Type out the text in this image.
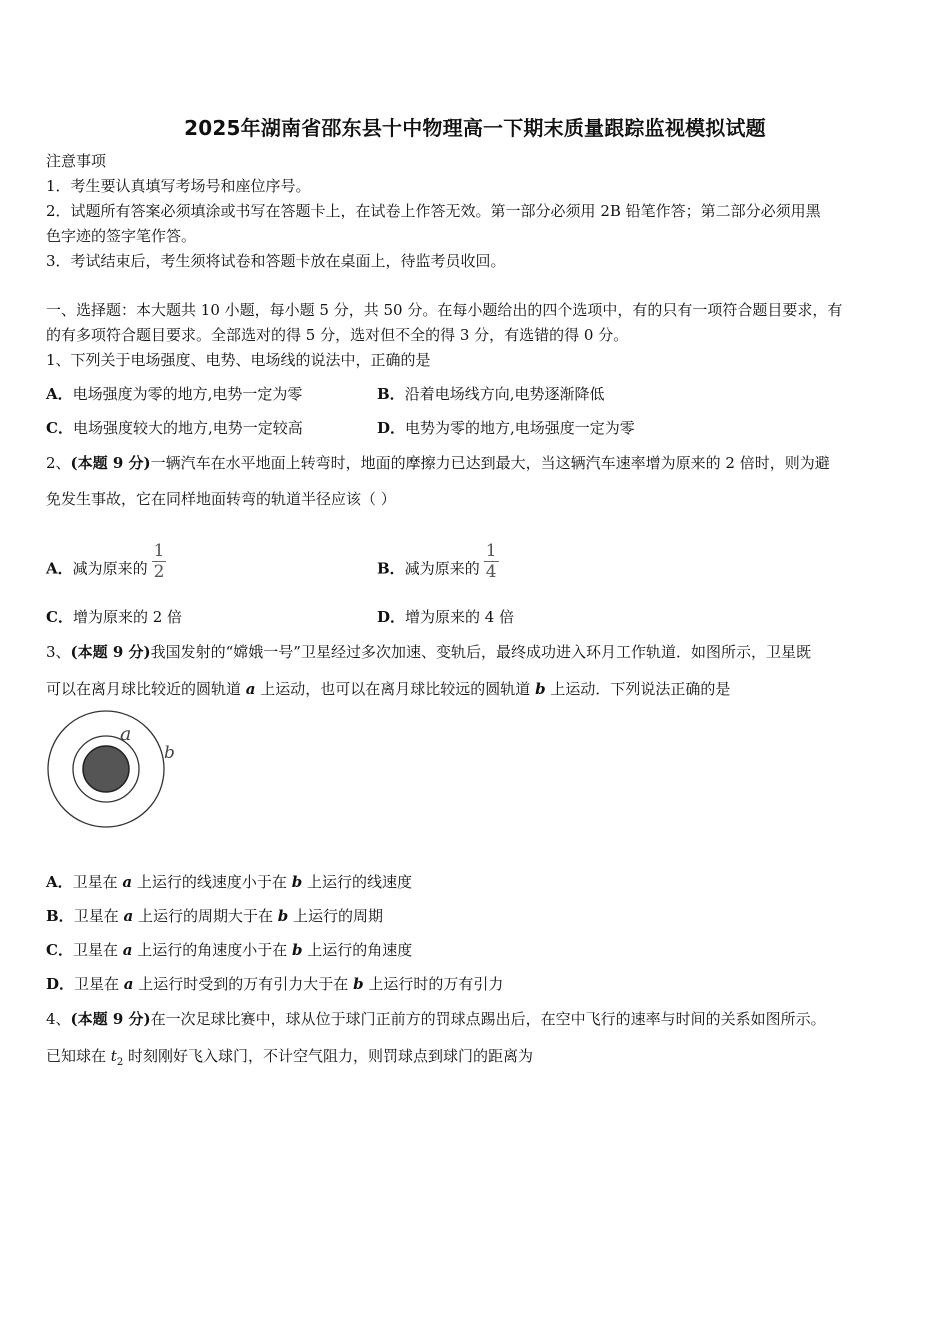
2025年湖南省邵东县十中物理高一下期末质量跟踪监视模拟试题
注意事项
1．考生要认真填写考场号和座位序号。
2．试题所有答案必须填涂或书写在答题卡上，在试卷上作答无效。第一部分必须用 2B 铅笔作答；第二部分必须用黑
色字迹的签字笔作答。
3．考试结束后，考生须将试卷和答题卡放在桌面上，待监考员收回。
一、选择题：本大题共 10 小题，每小题 5 分，共 50 分。在每小题给出的四个选项中，有的只有一项符合题目要求，有
的有多项符合题目要求。全部选对的得 5 分，选对但不全的得 3 分，有选错的得 0 分。
1、下列关于电场强度、电势、电场线的说法中，正确的是
A．电场强度为零的地方,电势一定为零	B．沿着电场线方向,电势逐渐降低
C．电场强度较大的地方,电势一定较高	D．电势为零的地方,电场强度一定为零
2、(本题 9 分)一辆汽车在水平地面上转弯时，地面的摩擦力已达到最大，当这辆汽车速率增为原来的 2 倍时，则为避
免发生事故，它在同样地面转弯的轨道半径应该（ ）
A．减为原来的 $\frac{1}{2}$	B．减为原来的 $\frac{1}{4}$
C．增为原来的 2 倍	D．增为原来的 4 倍
3、(本题 9 分)我国发射的“嫦娥一号”卫星经过多次加速、变轨后，最终成功进入环月工作轨道．如图所示，卫星既
可以在离月球比较近的圆轨道 a 上运动，也可以在离月球比较远的圆轨道 b 上运动．下列说法正确的是
a
b
A．卫星在 a 上运行的线速度小于在 b 上运行的线速度
B．卫星在 a 上运行的周期大于在 b 上运行的周期
C．卫星在 a 上运行的角速度小于在 b 上运行的角速度
D．卫星在 a 上运行时受到的万有引力大于在 b 上运行时的万有引力
4、(本题 9 分)在一次足球比赛中，球从位于球门正前方的罚球点踢出后，在空中飞行的速率与时间的关系如图所示。
已知球在 $t_2$ 时刻刚好飞入球门，不计空气阻力，则罚球点到球门的距离为
